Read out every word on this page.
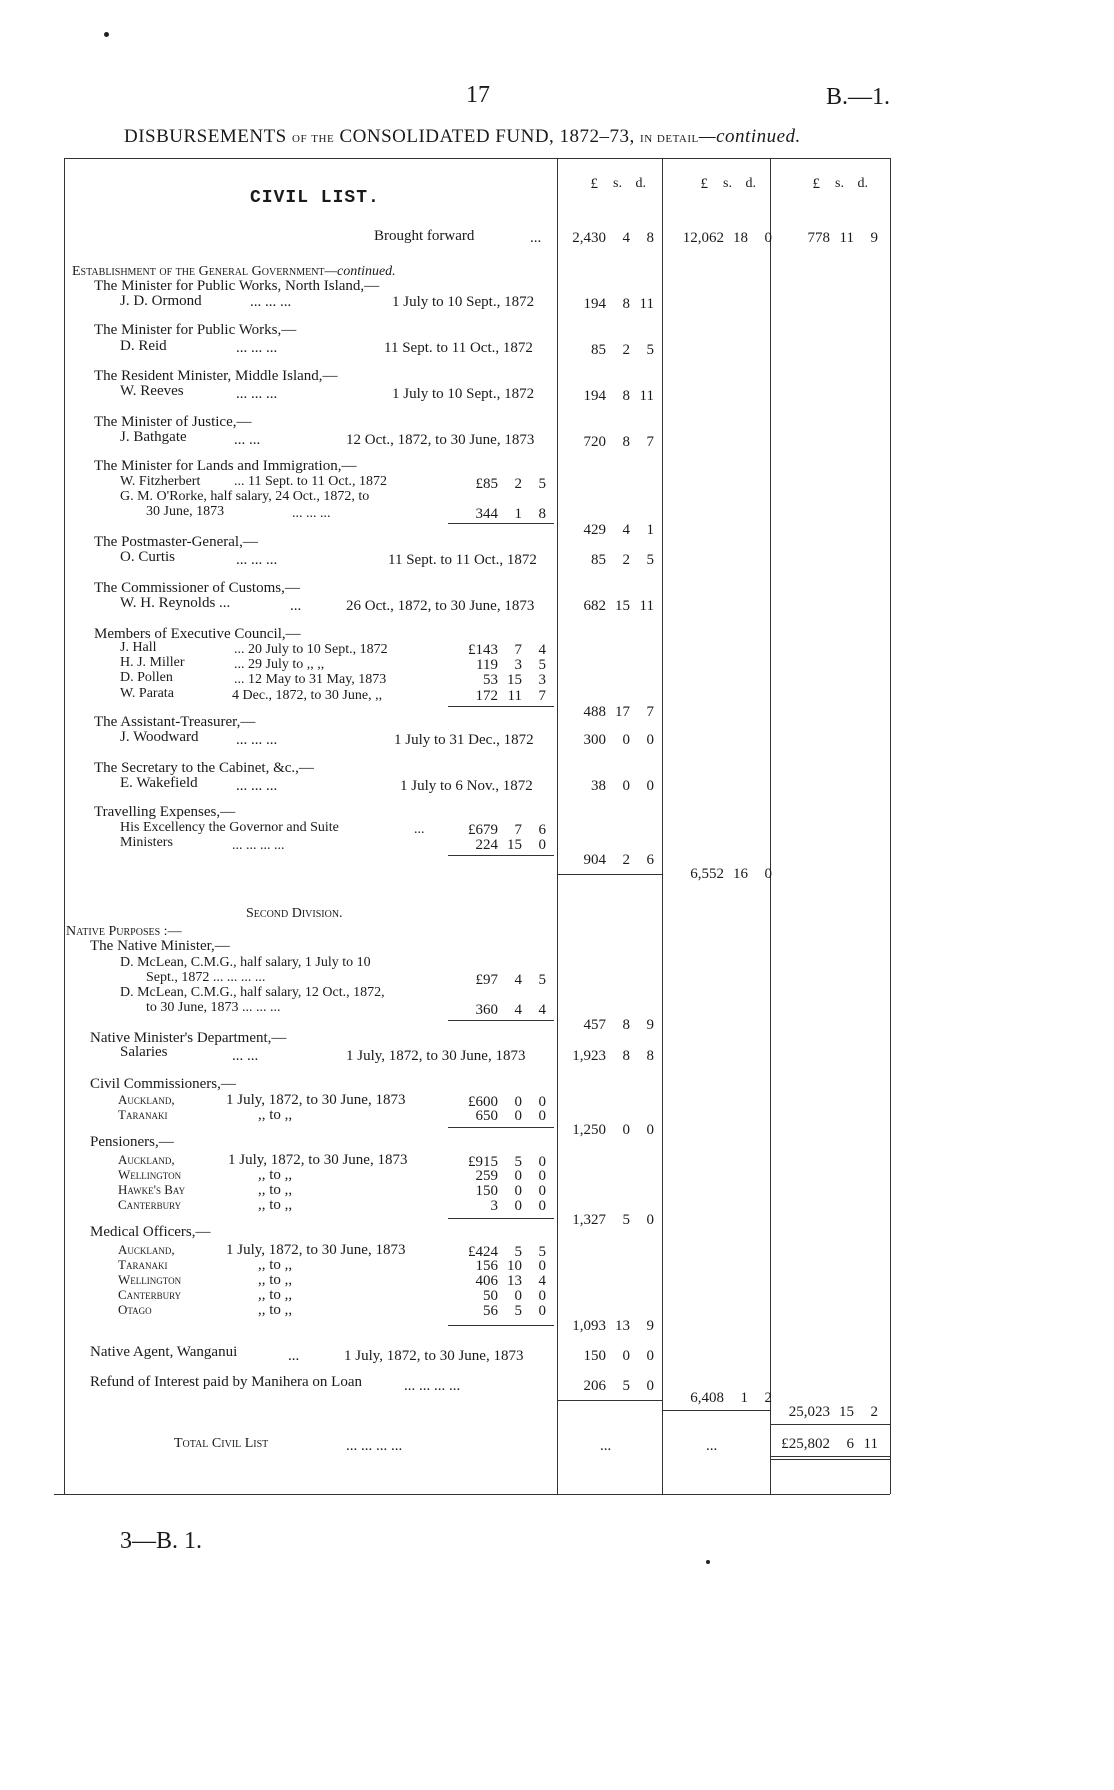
17	B.—1.
DISBURSEMENTS of the CONSOLIDATED FUND, 1872–73, in detail—continued.
£	s. d.	£	s. d.	£	s. d.
CIVIL LIST.
Brought forward	...	2,430	4	8	12,062 18	0	778 11	9
Establishment of the General Government—continued.
The Minister for Public Works, North Island,—
J. D. Ormond	... ... ...	1 July to 10 Sept., 1872	194	8 11
The Minister for Public Works,—
D. Reid	... ... ...	11 Sept. to 11 Oct., 1872	85	2	5
The Resident Minister, Middle Island,—
W. Reeves	... ... ...	1 July to 10 Sept., 1872	194	8 11
The Minister of Justice,—
J. Bathgate	... ...	12 Oct., 1872, to 30 June, 1873	720	8	7
The Minister for Lands and Immigration,—
W. Fitzherbert ... 11 Sept. to 11 Oct., 1872	£85	2	5
G. M. O'Rorke, half salary, 24 Oct., 1872, to
30 June, 1873	... ... ...	344	1	8
429	4	1
The Postmaster-General,—
O. Curtis	... ... ...	11 Sept. to 11 Oct., 1872	85	2	5
The Commissioner of Customs,—
W. H. Reynolds ...	...	26 Oct., 1872, to 30 June, 1873	682 15 11
Members of Executive Council,—
J. Hall	... 20 July to 10 Sept., 1872	£143	7	4
H. J. Miller	... 29 July to ,, ,,	119	3	5
D. Pollen	... 12 May to 31 May, 1873	53 15	3
W. Parata	4 Dec., 1872, to 30 June, ,,	172 11	7
488 17	7
The Assistant-Treasurer,—
J. Woodward ... ... ...	1 July to 31 Dec., 1872	300	0	0
The Secretary to the Cabinet, &c.,—
E. Wakefield	... ... ...	1 July to 6 Nov., 1872	38	0	0
Travelling Expenses,—
His Excellency the Governor and Suite	...	£679	7	6
Ministers	... ... ... ...	224 15	0
904	2	6
6,552 16	0
Second Division.
Native Purposes :—
The Native Minister,—
D. McLean, C.M.G., half salary, 1 July to 10
Sept., 1872 ... ... ... ...	£97	4	5
D. McLean, C.M.G., half salary, 12 Oct., 1872,
to 30 June, 1873 ... ... ...	360	4	4
457	8	9
Native Minister's Department,—
Salaries	... ...	1 July, 1872, to 30 June, 1873	1,923	8	8
Civil Commissioners,—
Auckland,	1 July, 1872, to 30 June, 1873	£600	0	0
Taranaki	,, to ,,	650	0	0
1,250	0	0
Pensioners,—
Auckland,	1 July, 1872, to 30 June, 1873	£915	5	0
Wellington	,, to ,,	259	0	0
Hawke's Bay	,, to ,,	150	0	0
Canterbury	,, to ,,	3	0	0
1,327	5	0
Medical Officers,—
Auckland,	1 July, 1872, to 30 June, 1873	£424	5	5
Taranaki	,, to ,,	156 10	0
Wellington	,, to ,,	406 13	4
Canterbury	,, to ,,	50	0	0
Otago	,, to ,,	56	5	0
1,093 13	9
Native Agent, Wanganui	...	1 July, 1872, to 30 June, 1873	150	0	0
Refund of Interest paid by Manihera on Loan	... ... ... ...	206	5	0
6,408	1	2
25,023 15	2
Total Civil List	... ... ... ...	...	...	£25,802	6 11
3—B. 1.
